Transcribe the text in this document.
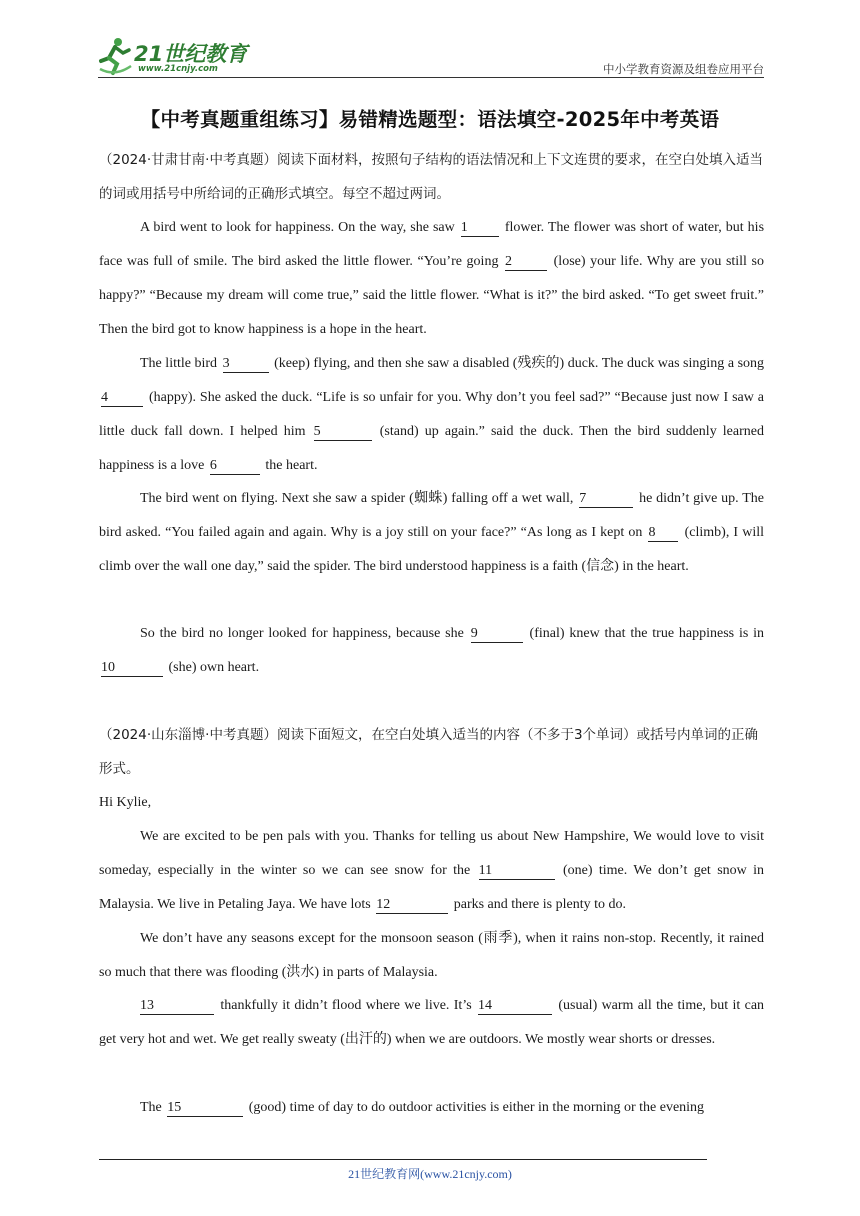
21世纪教育
www.21cnjy.com	中小学教育资源及组卷应用平台
【中考真题重组练习】易错精选题型：语法填空-2025年中考英语

（2024·甘肃甘南·中考真题）阅读下面材料，按照句子结构的语法情况和上下文连贯的要求，在空白处填入适当的词或用括号中所给词的正确形式填空。每空不超过两词。

A bird went to look for happiness. On the way, she saw 1	flower. The flower was short of water, but his face was full of smile. The bird asked the little flower. “You’re going 2	(lose) your life. Why are you still so happy?” “Because my dream will come true,” said the little flower. “What is it?” the bird asked. “To get sweet fruit.” Then the bird got to know happiness is a hope in the heart.

The little bird 3	(keep) flying, and then she saw a disabled (残疾的) duck. The duck was singing a song 4	(happy). She asked the duck. “Life is so unfair for you. Why don’t you feel sad?” “Because just now I saw a little duck fall down. I helped him 5	(stand) up again.” said the duck. Then the bird suddenly learned happiness is a love 6	the heart.

The bird went on flying. Next she saw a spider (蜘蛛) falling off a wet wall, 7	he didn’t give up. The bird asked. “You failed again and again. Why is a joy still on your face?” “As long as I kept on 8 (climb), I will climb over the wall one day,” said the spider. The bird understood happiness is a faith (信念) in the heart.

So the bird no longer looked for happiness, because she 9	(final) knew that the true happiness is in 10	(she) own heart.

（2024·山东淄博·中考真题）阅读下面短文，在空白处填入适当的内容（不多于3个单词）或括号内单词的正确形式。

Hi Kylie,

We are excited to be pen pals with you. Thanks for telling us about New Hampshire, We would love to visit someday, especially in the winter so we can see snow for the 11	(one) time. We don’t get snow in Malaysia. We live in Petaling Jaya. We have lots 12	parks and there is plenty to do.

We don’t have any seasons except for the monsoon season (雨季), when it rains non-stop. Recently, it rained so much that there was flooding (洪水) in parts of Malaysia.

13	thankfully it didn’t flood where we live. It’s 14	(usual) warm all the time, but it can get very hot and wet. We get really sweaty (出汗的) when we are outdoors. We mostly wear shorts or dresses.

The 15	(good) time of day to do outdoor activities is either in the morning or the evening

21世纪教育网(www.21cnjy.com)
